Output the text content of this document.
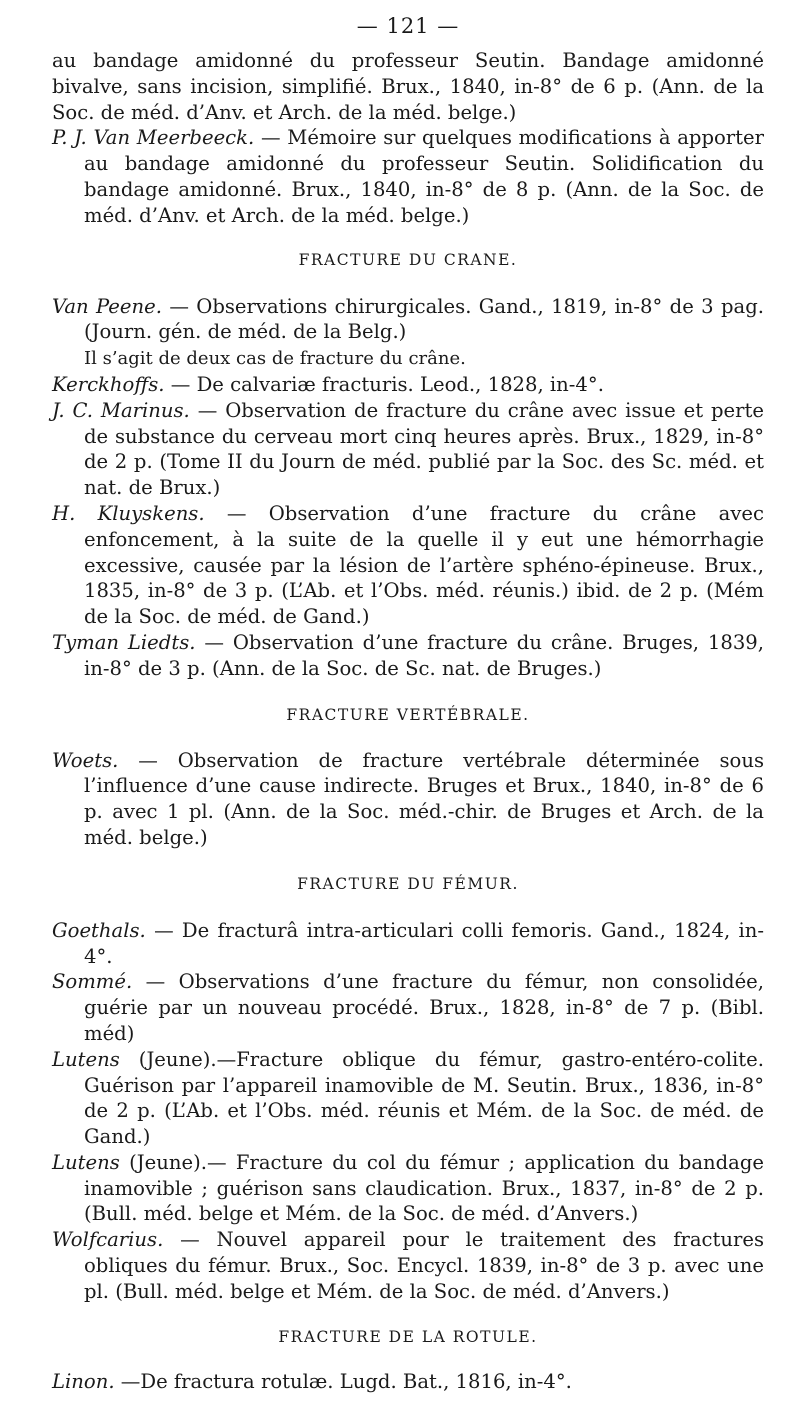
— 121 —

au bandage amidonné du professeur Seutin. Bandage amidonné bivalve, sans incision, simplifié. Brux., 1840, in-8° de 6 p. (Ann. de la Soc. de méd. d’Anv. et Arch. de la méd. belge.)

P. J. Van Meerbeeck. — Mémoire sur quelques modifications à apporter au bandage amidonné du professeur Seutin. Solidification du bandage amidonné. Brux., 1840, in-8° de 8 p. (Ann. de la Soc. de méd. d’Anv. et Arch. de la méd. belge.)

FRACTURE DU CRANE.

Van Peene. — Observations chirurgicales. Gand., 1819, in-8° de 3 pag. (Journ. gén. de méd. de la Belg.)
Il s’agit de deux cas de fracture du crâne.

Kerckhoffs. — De calvariæ fracturis. Leod., 1828, in-4°.

J. C. Marinus. — Observation de fracture du crâne avec issue et perte de substance du cerveau mort cinq heures après. Brux., 1829, in-8° de 2 p. (Tome II du Journ de méd. publié par la Soc. des Sc. méd. et nat. de Brux.)

H. Kluyskens. — Observation d’une fracture du crâne avec enfoncement, à la suite de la quelle il y eut une hémorrhagie excessive, causée par la lésion de l’artère sphéno-épineuse. Brux., 1835, in-8° de 3 p. (L’Ab. et l’Obs. méd. réunis.) ibid. de 2 p. (Mém de la Soc. de méd. de Gand.)

Tyman Liedts. — Observation d’une fracture du crâne. Bruges, 1839, in-8° de 3 p. (Ann. de la Soc. de Sc. nat. de Bruges.)

FRACTURE VERTÉBRALE.

Woets. — Observation de fracture vertébrale déterminée sous l’influence d’une cause indirecte. Bruges et Brux., 1840, in-8° de 6 p. avec 1 pl. (Ann. de la Soc. méd.-chir. de Bruges et Arch. de la méd. belge.)

FRACTURE DU FÉMUR.

Goethals. — De fracturâ intra-articulari colli femoris. Gand., 1824, in-4°.

Sommé. — Observations d’une fracture du fémur, non consolidée, guérie par un nouveau procédé. Brux., 1828, in-8° de 7 p. (Bibl. méd)

Lutens (Jeune).—Fracture oblique du fémur, gastro-entéro-colite. Guérison par l’appareil inamovible de M. Seutin. Brux., 1836, in-8° de 2 p. (L’Ab. et l’Obs. méd. réunis et Mém. de la Soc. de méd. de Gand.)

Lutens (Jeune).— Fracture du col du fémur ; application du bandage inamovible ; guérison sans claudication. Brux., 1837, in-8° de 2 p. (Bull. méd. belge et Mém. de la Soc. de méd. d’Anvers.)

Wolfcarius. — Nouvel appareil pour le traitement des fractures obliques du fémur. Brux., Soc. Encycl. 1839, in-8° de 3 p. avec une pl. (Bull. méd. belge et Mém. de la Soc. de méd. d’Anvers.)

FRACTURE DE LA ROTULE.

Linon. —De fractura rotulæ. Lugd. Bat., 1816, in-4°.
